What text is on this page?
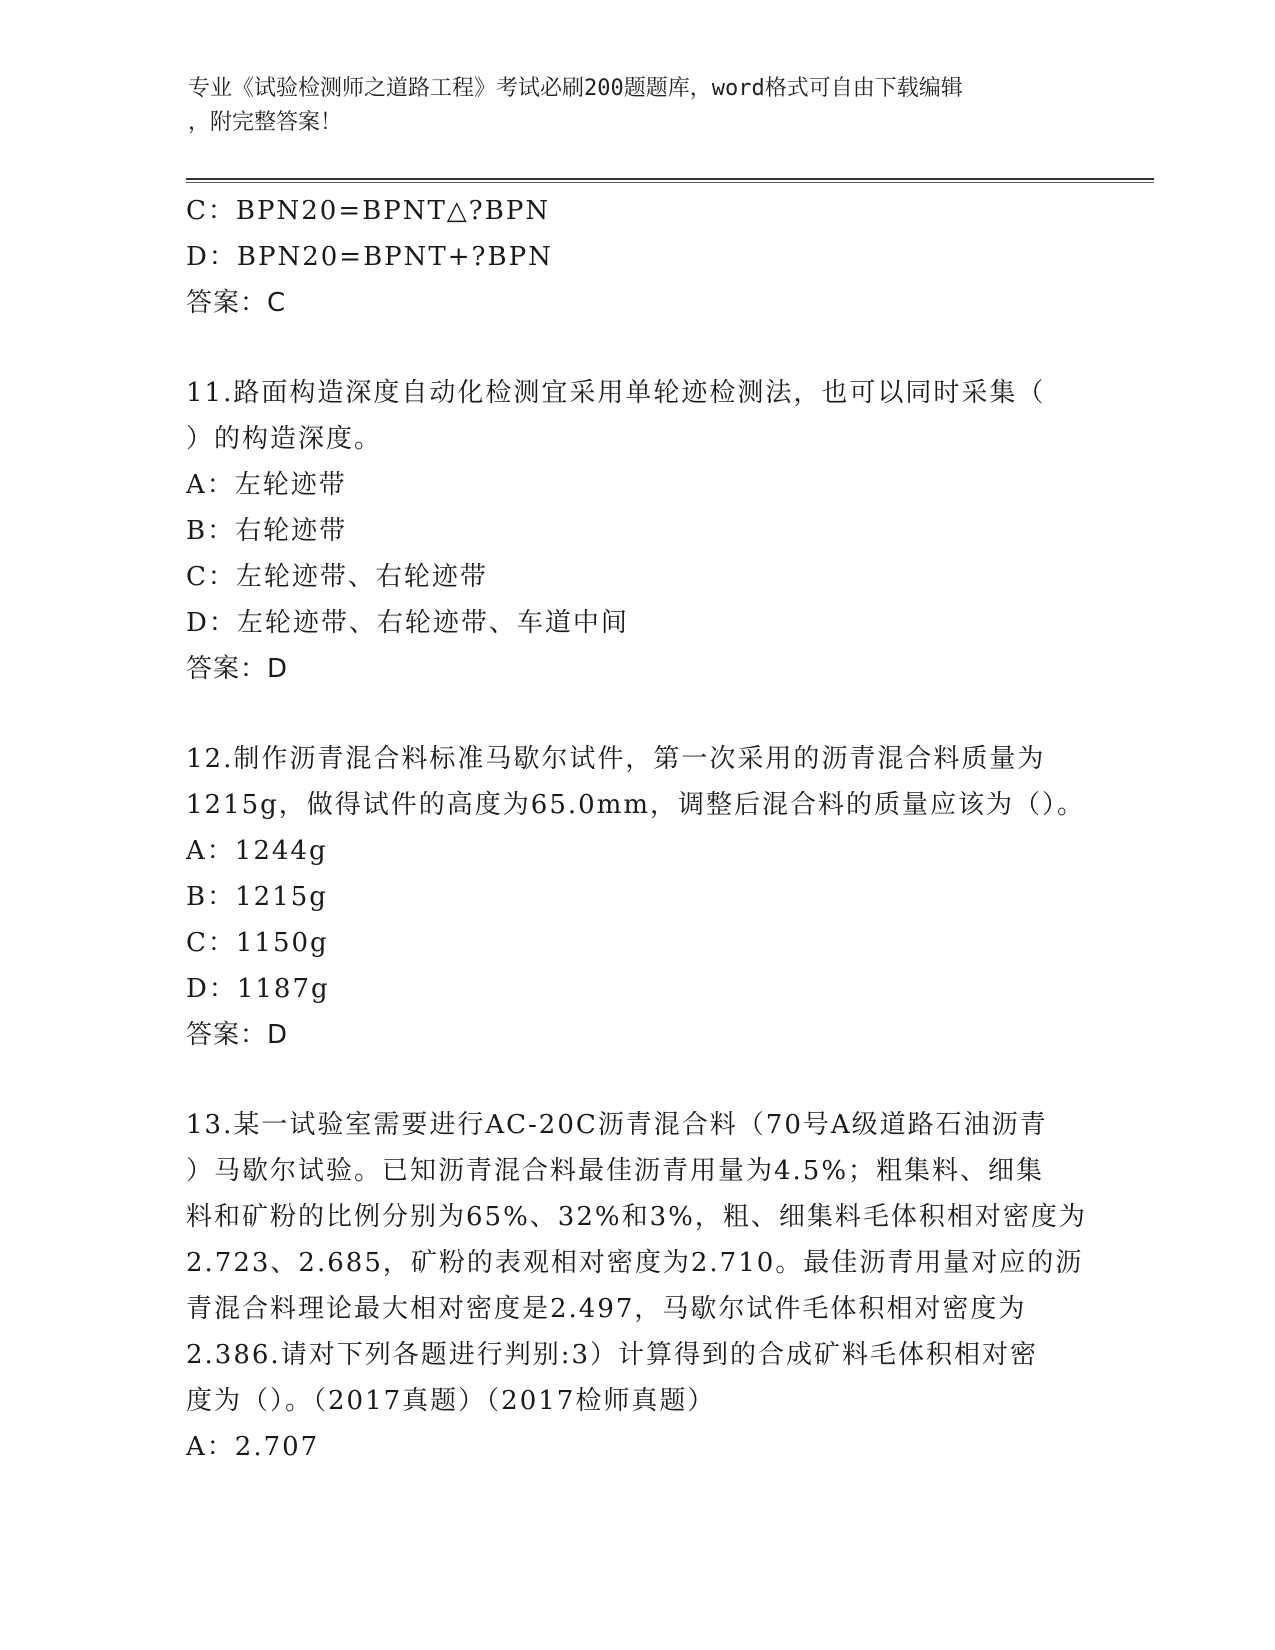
专业《试验检测师之道路工程》考试必刷200题题库，word格式可自由下载编辑
，附完整答案！
C：BPN20=BPNT△?BPN
D：BPN20=BPNT+?BPN
答案：C
11.路面构造深度自动化检测宜采用单轮迹检测法，也可以同时采集（
）的构造深度。
A：左轮迹带
B：右轮迹带
C：左轮迹带、右轮迹带
D：左轮迹带、右轮迹带、车道中间
答案：D
12.制作沥青混合料标准马歇尔试件，第一次采用的沥青混合料质量为
1215g，做得试件的高度为65.0mm，调整后混合料的质量应该为（）。
A：1244g
B：1215g
C：1150g
D：1187g
答案：D
13.某一试验室需要进行AC-20C沥青混合料（70号A级道路石油沥青
）马歇尔试验。已知沥青混合料最佳沥青用量为4.5%；粗集料、细集
料和矿粉的比例分别为65%、32%和3%，粗、细集料毛体积相对密度为
2.723、2.685，矿粉的表观相对密度为2.710。最佳沥青用量对应的沥
青混合料理论最大相对密度是2.497，马歇尔试件毛体积相对密度为
2.386.请对下列各题进行判别:3）计算得到的合成矿料毛体积相对密
度为（）。（2017真题）（2017检师真题）
A：2.707
